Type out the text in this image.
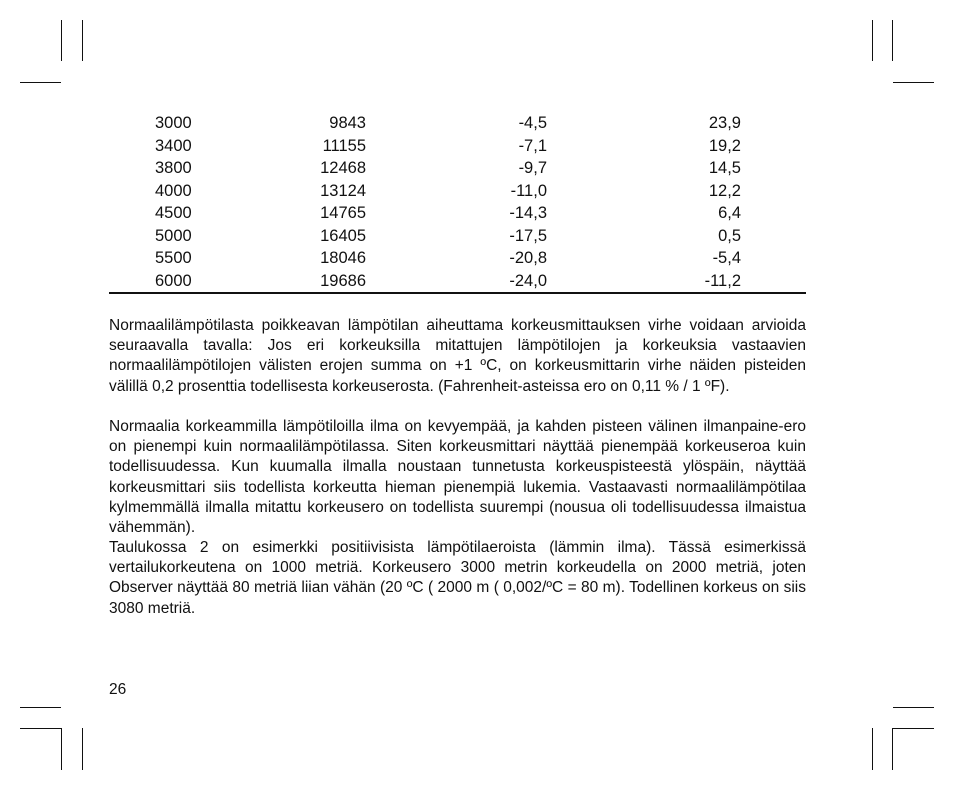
3000	9843	-4,5	23,9	
3400	11155	-7,1	19,2	
3800	12468	-9,7	14,5	
4000	13124	-11,0	12,2	
4500	14765	-14,3	6,4	
5000	16405	-17,5	0,5	
5500	18046	-20,8	-5,4	
6000	19686	-24,0	-11,2	

Normaalilämpötilasta poikkeavan lämpötilan aiheuttama korkeusmittauksen virhe voidaan arvioida seuraavalla tavalla: Jos eri korkeuksilla mitattujen lämpötilojen ja korkeuksia vastaavien normaalilämpötilojen välisten erojen summa on +1 ºC, on korkeusmittarin virhe näiden pisteiden välillä 0,2 prosenttia todellisesta korkeuserosta. (Fahrenheit-asteissa ero on 0,11 % / 1 ºF).

Normaalia korkeammilla lämpötiloilla ilma on kevyempää, ja kahden pisteen välinen ilmanpaine-ero on pienempi kuin normaalilämpötilassa. Siten korkeusmittari näyttää pienempää korkeuseroa kuin todellisuudessa. Kun kuumalla ilmalla noustaan tunnetusta korkeuspisteestä ylöspäin, näyttää korkeusmittari siis todellista korkeutta hieman pienempiä lukemia. Vastaavasti normaalilämpötilaa kylmemmällä ilmalla mitattu korkeusero on todellista suurempi (nousua oli todellisuudessa ilmaistua vähemmän).

Taulukossa 2 on esimerkki positiivisista lämpötilaeroista (lämmin ilma). Tässä esimerkissä vertailukorkeutena on 1000 metriä. Korkeusero 3000 metrin korkeudella on 2000 metriä, joten Observer näyttää 80 metriä liian vähän (20 ºC ( 2000 m ( 0,002/ºC = 80 m). Todellinen korkeus on siis 3080 metriä.

26
